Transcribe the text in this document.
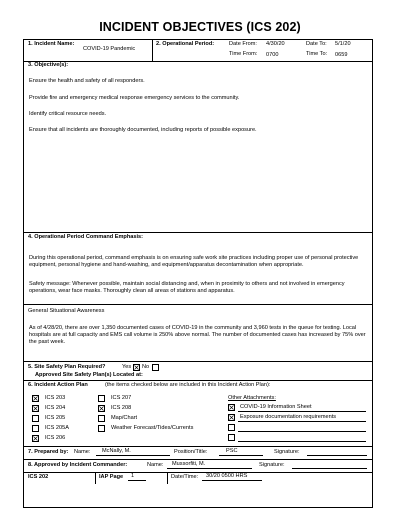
INCIDENT OBJECTIVES (ICS 202)
1. Incident Name:
COVID-19 Pandemic
2. Operational Period:	Date From: 4/30/20	Date To: 5/1/20
Time From: 0700	Time To: 0659
3. Objective(s):
Ensure the health and safety of all responders.
Provide fire and emergency medical response emergency services to the community.
Identify critical resource needs.
Ensure that all incidents are thoroughly documented, including reports of possible exposure.
4. Operational Period Command Emphasis:
During this operational period, command emphasis is on ensuring safe work site practices including proper use of personal protective equipment, personal hygiene and hand-washing, and equipment/apparatus decontamination when appropriate.
Safety message: Whenever possible, maintain social distancing and, when in proximity to others and not involved in emergency operations, wear face masks. Thoroughly clean all areas of stations and apparatus.
General Situational Awareness
As of 4/28/20, there are over 1,350 documented cases of COVID-19 in the community and 3,960 tests in the queue for testing. Local hospitals are at full capacity and EMS call volume is 250% above normal. The number of documented cases has increased by 75% over the past week.
5. Site Safety Plan Required?	Yes No
Approved Site Safety Plan(s) Located at:
6. Incident Action Plan	(the items checked below are included in this Incident Action Plan):
ICS 203
ICS 204
ICS 205
ICS 205A
ICS 206
ICS 207
ICS 208
Map/Chart
Weather Forecast/Tides/Currents
Other Attachments:
COVID-19 Information Sheet
Exposure documentation requirements
7. Prepared by: Name: McNally, M.	Position/Title:	PSC	Signature:
8. Approved by Incident Commander:	Name: Mussorfiti, M.	Signature:
ICS 202	IAP Page 1	Date/Time: 30/20 0500 HRS
